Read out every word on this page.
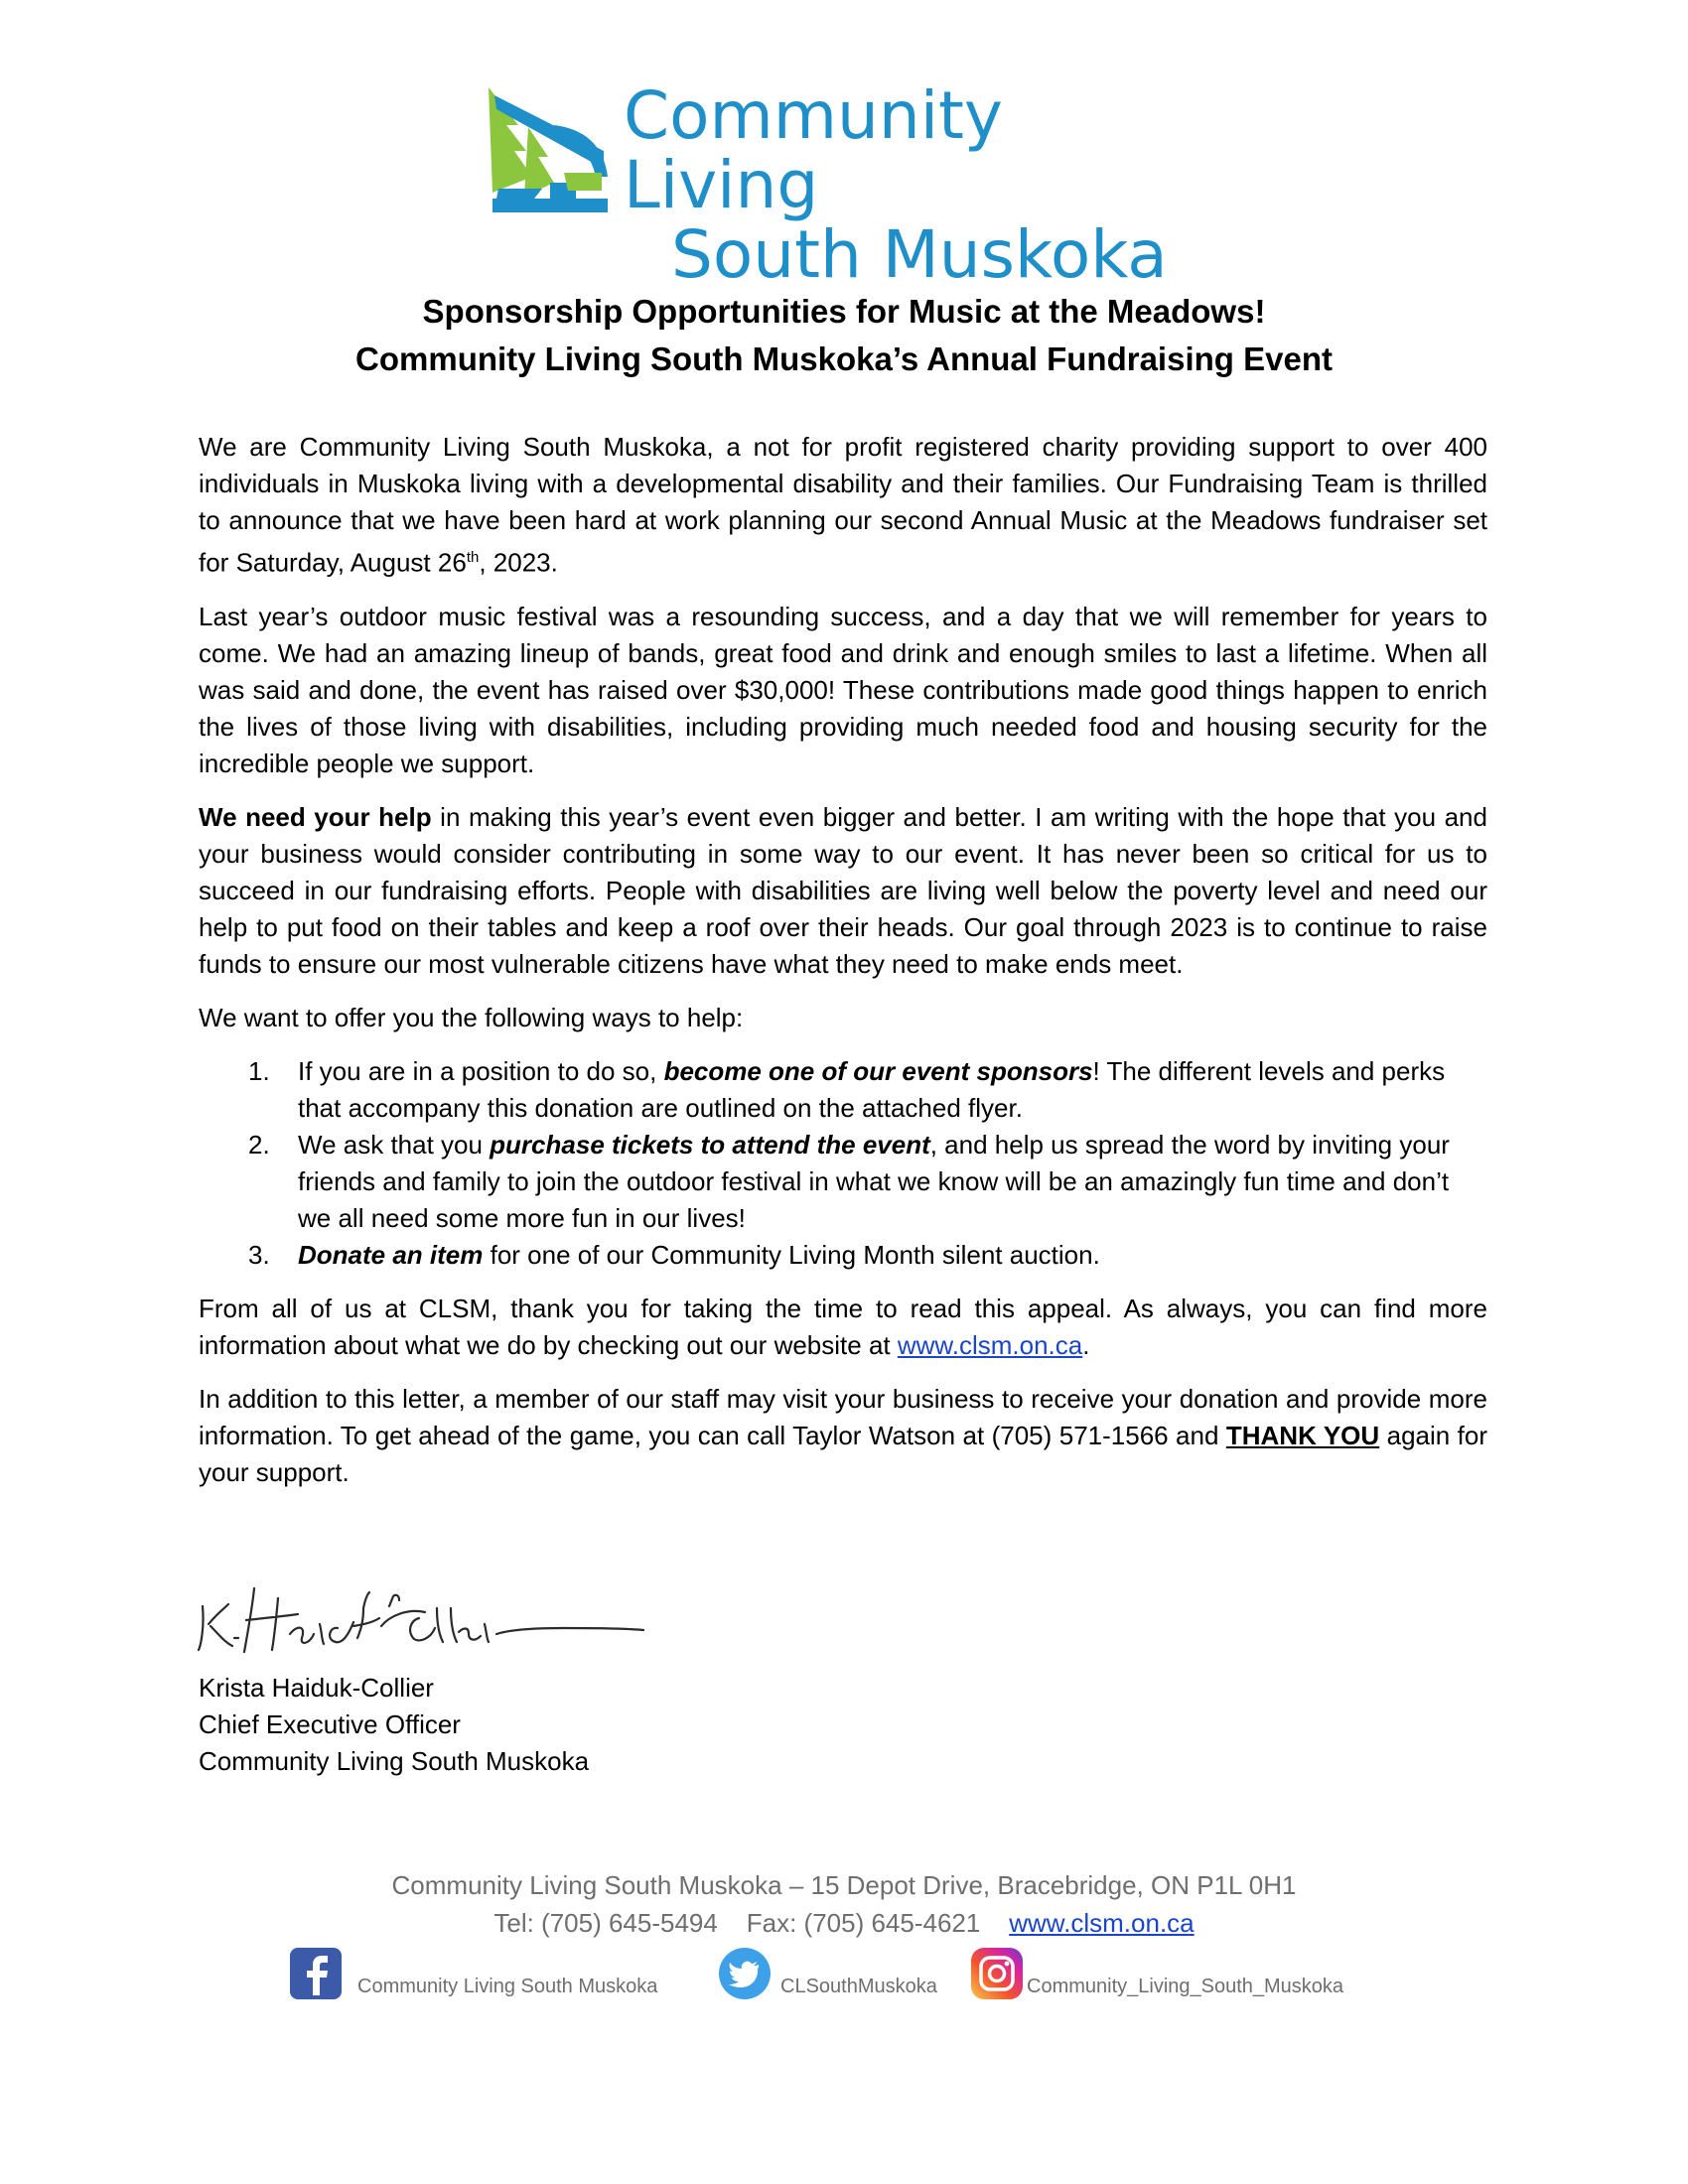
Community Living
South Muskoka
Sponsorship Opportunities for Music at the Meadows!
Community Living South Muskoka’s Annual Fundraising Event

We are Community Living South Muskoka, a not for profit registered charity providing support to over 400 individuals in Muskoka living with a developmental disability and their families. Our Fundraising Team is thrilled to announce that we have been hard at work planning our second Annual Music at the Meadows fundraiser set for Saturday, August 26th, 2023.

Last year’s outdoor music festival was a resounding success, and a day that we will remember for years to come. We had an amazing lineup of bands, great food and drink and enough smiles to last a lifetime. When all was said and done, the event has raised over $30,000! These contributions made good things happen to enrich the lives of those living with disabilities, including providing much needed food and housing security for the incredible people we support.

We need your help in making this year’s event even bigger and better. I am writing with the hope that you and your business would consider contributing in some way to our event. It has never been so critical for us to succeed in our fundraising efforts. People with disabilities are living well below the poverty level and need our help to put food on their tables and keep a roof over their heads. Our goal through 2023 is to continue to raise funds to ensure our most vulnerable citizens have what they need to make ends meet.

We want to offer you the following ways to help:

1. If you are in a position to do so, become one of our event sponsors! The different levels and perks that accompany this donation are outlined on the attached flyer.
2. We ask that you purchase tickets to attend the event, and help us spread the word by inviting your friends and family to join the outdoor festival in what we know will be an amazingly fun time and don’t we all need some more fun in our lives!
3. Donate an item for one of our Community Living Month silent auction.

From all of us at CLSM, thank you for taking the time to read this appeal. As always, you can find more information about what we do by checking out our website at www.clsm.on.ca.

In addition to this letter, a member of our staff may visit your business to receive your donation and provide more information. To get ahead of the game, you can call Taylor Watson at (705) 571-1566 and THANK YOU again for your support.

Krista Haiduk-Collier
Chief Executive Officer
Community Living South Muskoka
Community Living South Muskoka – 15 Depot Drive, Bracebridge, ON P1L 0H1
Tel: (705) 645-5494 Fax: (705) 645-4621 www.clsm.on.ca
Community Living South Muskoka	CLSouthMuskoka	Community_Living_South_Muskoka
